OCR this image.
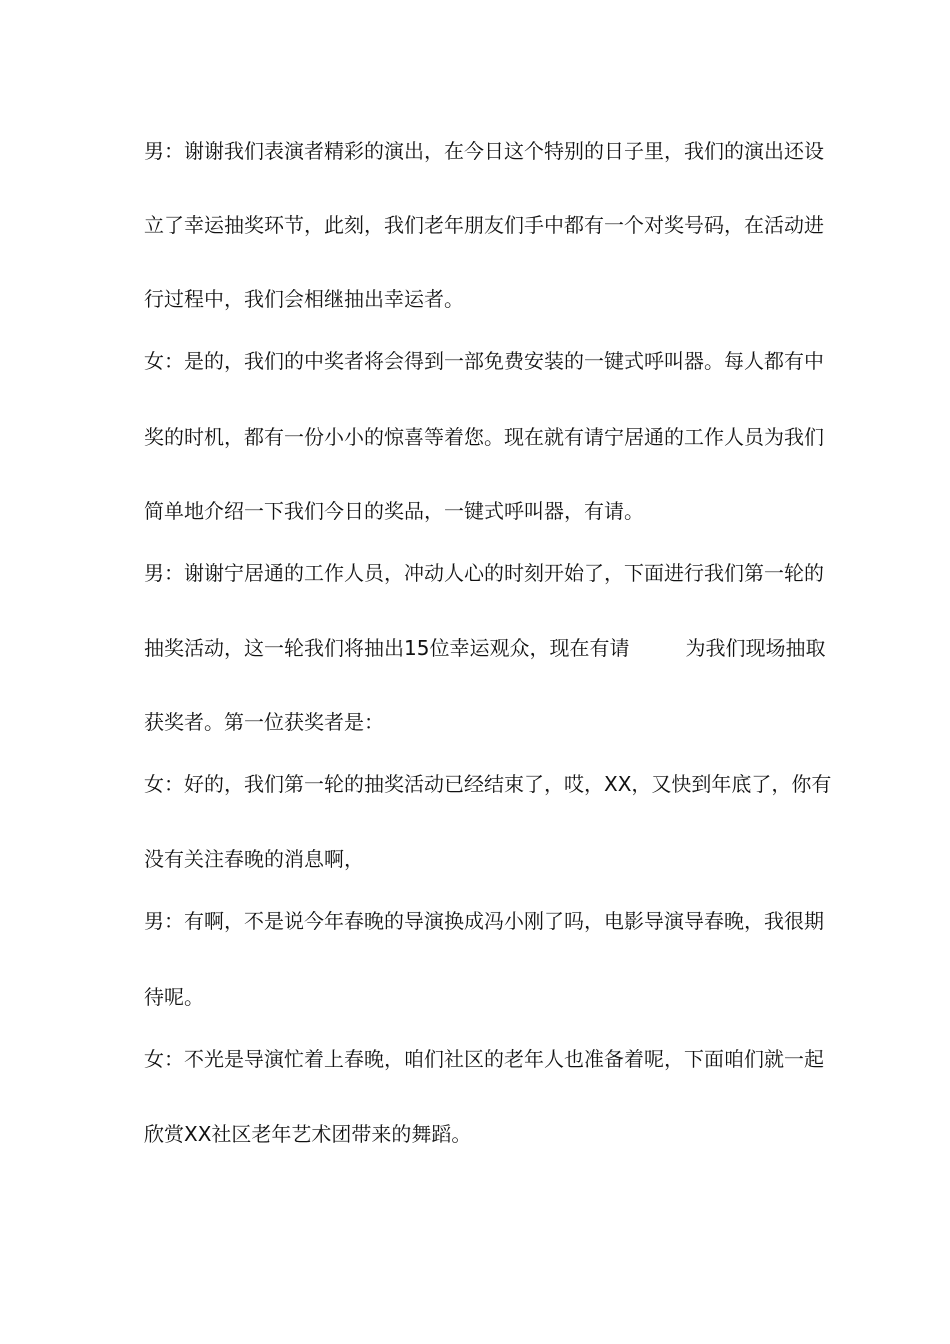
男：谢谢我们表演者精彩的演出，在今日这个特别的日子里，我们的演出还设
立了幸运抽奖环节，此刻，我们老年朋友们手中都有一个对奖号码，在活动进
行过程中，我们会相继抽出幸运者。
女：是的，我们的中奖者将会得到一部免费安装的一键式呼叫器。每人都有中
奖的时机，都有一份小小的惊喜等着您。现在就有请宁居通的工作人员为我们
简单地介绍一下我们今日的奖品，一键式呼叫器，有请。
男：谢谢宁居通的工作人员，冲动人心的时刻开始了，下面进行我们第一轮的
抽奖活动，这一轮我们将抽出15位幸运观众，现在有请	为我们现场抽取
获奖者。第一位获奖者是：
女：好的，我们第一轮的抽奖活动已经结束了，哎，XX，又快到年底了，你有
没有关注春晚的消息啊，
男：有啊，不是说今年春晚的导演换成冯小刚了吗，电影导演导春晚，我很期
待呢。
女：不光是导演忙着上春晚，咱们社区的老年人也准备着呢，下面咱们就一起
欣赏XX社区老年艺术团带来的舞蹈。
